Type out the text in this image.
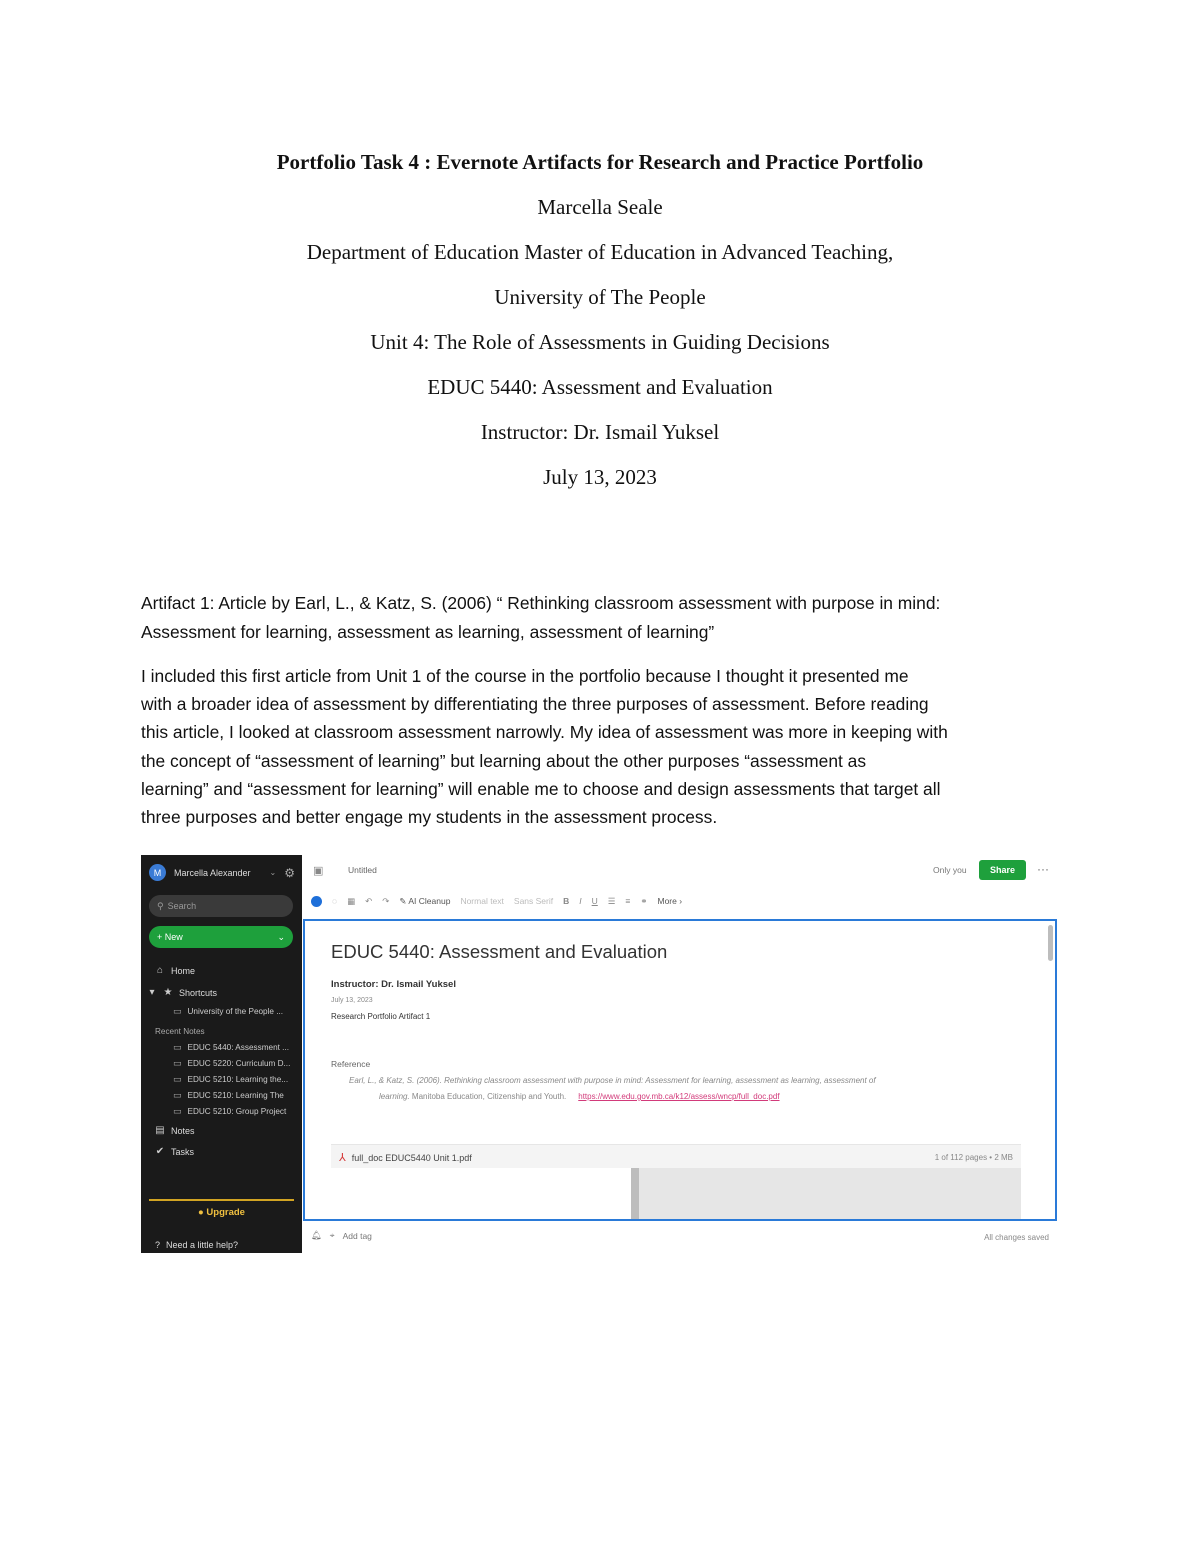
Portfolio Task 4 : Evernote Artifacts for Research and Practice Portfolio
Marcella Seale
Department of Education Master of Education in Advanced Teaching,
University of The People
Unit 4: The Role of Assessments in Guiding Decisions
EDUC 5440: Assessment and Evaluation
Instructor: Dr. Ismail Yuksel
July 13, 2023
Artifact 1: Article by Earl, L., & Katz, S. (2006) “ Rethinking classroom assessment with purpose in mind:
Assessment for learning, assessment as learning, assessment of learning”
I included this first article from Unit 1 of the course in the portfolio because I thought it presented me
with a broader idea of assessment by differentiating the three purposes of assessment. Before reading
this article, I looked at classroom assessment narrowly. My idea of assessment was more in keeping with
the concept of “assessment of learning” but learning about the other purposes “assessment as
learning” and “assessment for learning” will enable me to choose and design assessments that target all
three purposes and better engage my students in the assessment process.
M	Marcella Alexander	⌄ ⚙
⚲ Search
+ New	⌄
⌂ Home
▾ ★ Shortcuts
▭ University of the People ...
Recent Notes
▭ EDUC 5440: Assessment ...
▭ EDUC 5220: Curriculum D...
▭ EDUC 5210: Learning the...
▭ EDUC 5210: Learning The
▭ EDUC 5210: Group Project
▤ Notes
✔ Tasks
● Upgrade
? Need a little help?
▣	Untitled	Only you	Share	···
◌ ▦ ↶ ↷ ✎ AI Cleanup Normal text Sans Serif B I U ☰ ≡ ⚭ More ›
EDUC 5440: Assessment and Evaluation
Instructor: Dr. Ismail Yuksel
July 13, 2023
Research Portfolio Artifact 1
Reference
Earl, L., & Katz, S. (2006). Rethinking classroom assessment with purpose in mind: Assessment for learning, assessment as learning, assessment of
learning. Manitoba Education, Citizenship and Youth. https://www.edu.gov.mb.ca/k12/assess/wncp/full_doc.pdf
⅄ full_doc EDUC5440 Unit 1.pdf	1 of 112 pages • 2 MB
🔔︎ ⌖ Add tag	All changes saved
